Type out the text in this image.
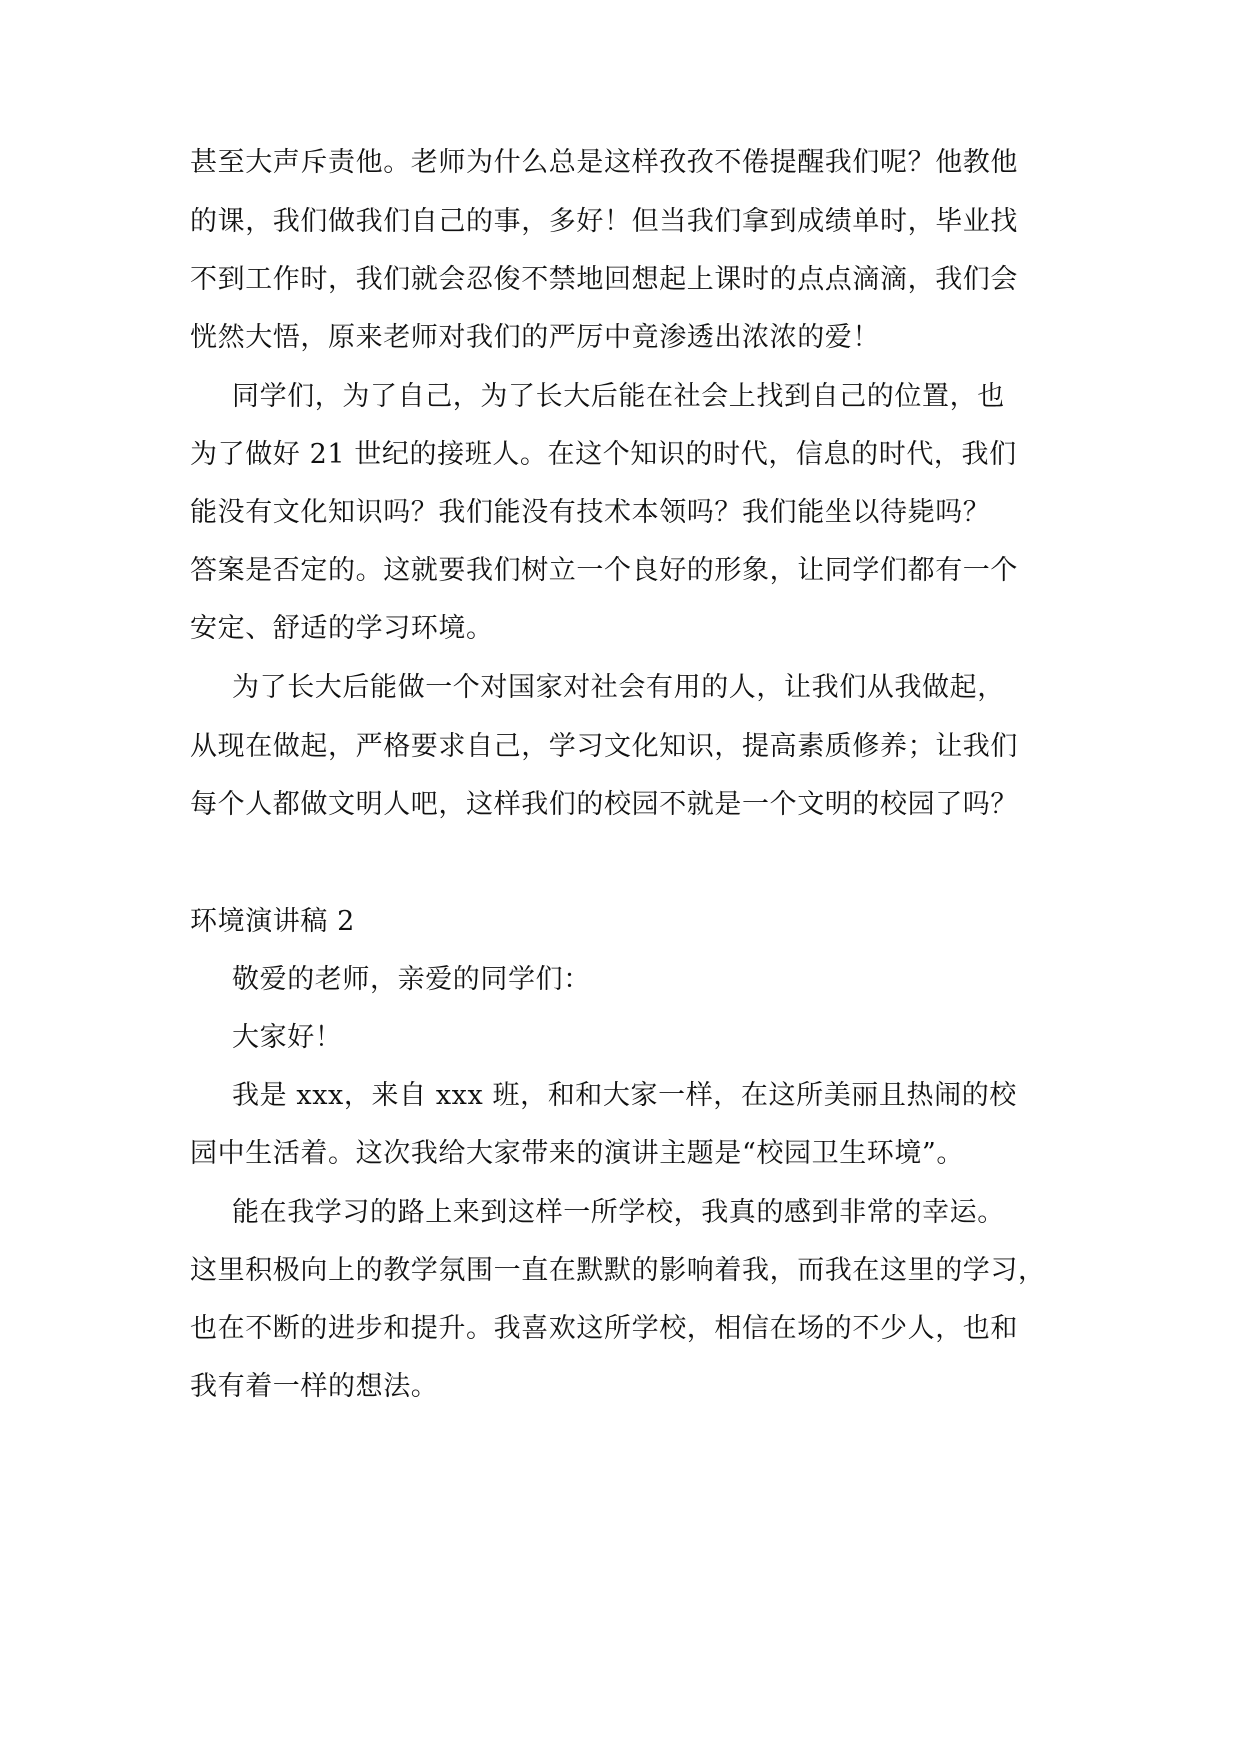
甚至大声斥责他。老师为什么总是这样孜孜不倦提醒我们呢？他教他

的课，我们做我们自己的事，多好！但当我们拿到成绩单时，毕业找

不到工作时，我们就会忍俊不禁地回想起上课时的点点滴滴，我们会

恍然大悟，原来老师对我们的严厉中竟渗透出浓浓的爱！

同学们，为了自己，为了长大后能在社会上找到自己的位置，也

为了做好 21 世纪的接班人。在这个知识的时代，信息的时代，我们

能没有文化知识吗？我们能没有技术本领吗？我们能坐以待毙吗？

答案是否定的。这就要我们树立一个良好的形象，让同学们都有一个

安定、舒适的学习环境。

为了长大后能做一个对国家对社会有用的人，让我们从我做起，

从现在做起，严格要求自己，学习文化知识，提高素质修养；让我们

每个人都做文明人吧，这样我们的校园不就是一个文明的校园了吗？

环境演讲稿 2

敬爱的老师，亲爱的同学们：

大家好！

我是 xxx，来自 xxx 班，和和大家一样，在这所美丽且热闹的校

园中生活着。这次我给大家带来的演讲主题是“校园卫生环境”。

能在我学习的路上来到这样一所学校，我真的感到非常的幸运。

这里积极向上的教学氛围一直在默默的影响着我，而我在这里的学习，

也在不断的进步和提升。我喜欢这所学校，相信在场的不少人，也和

我有着一样的想法。
